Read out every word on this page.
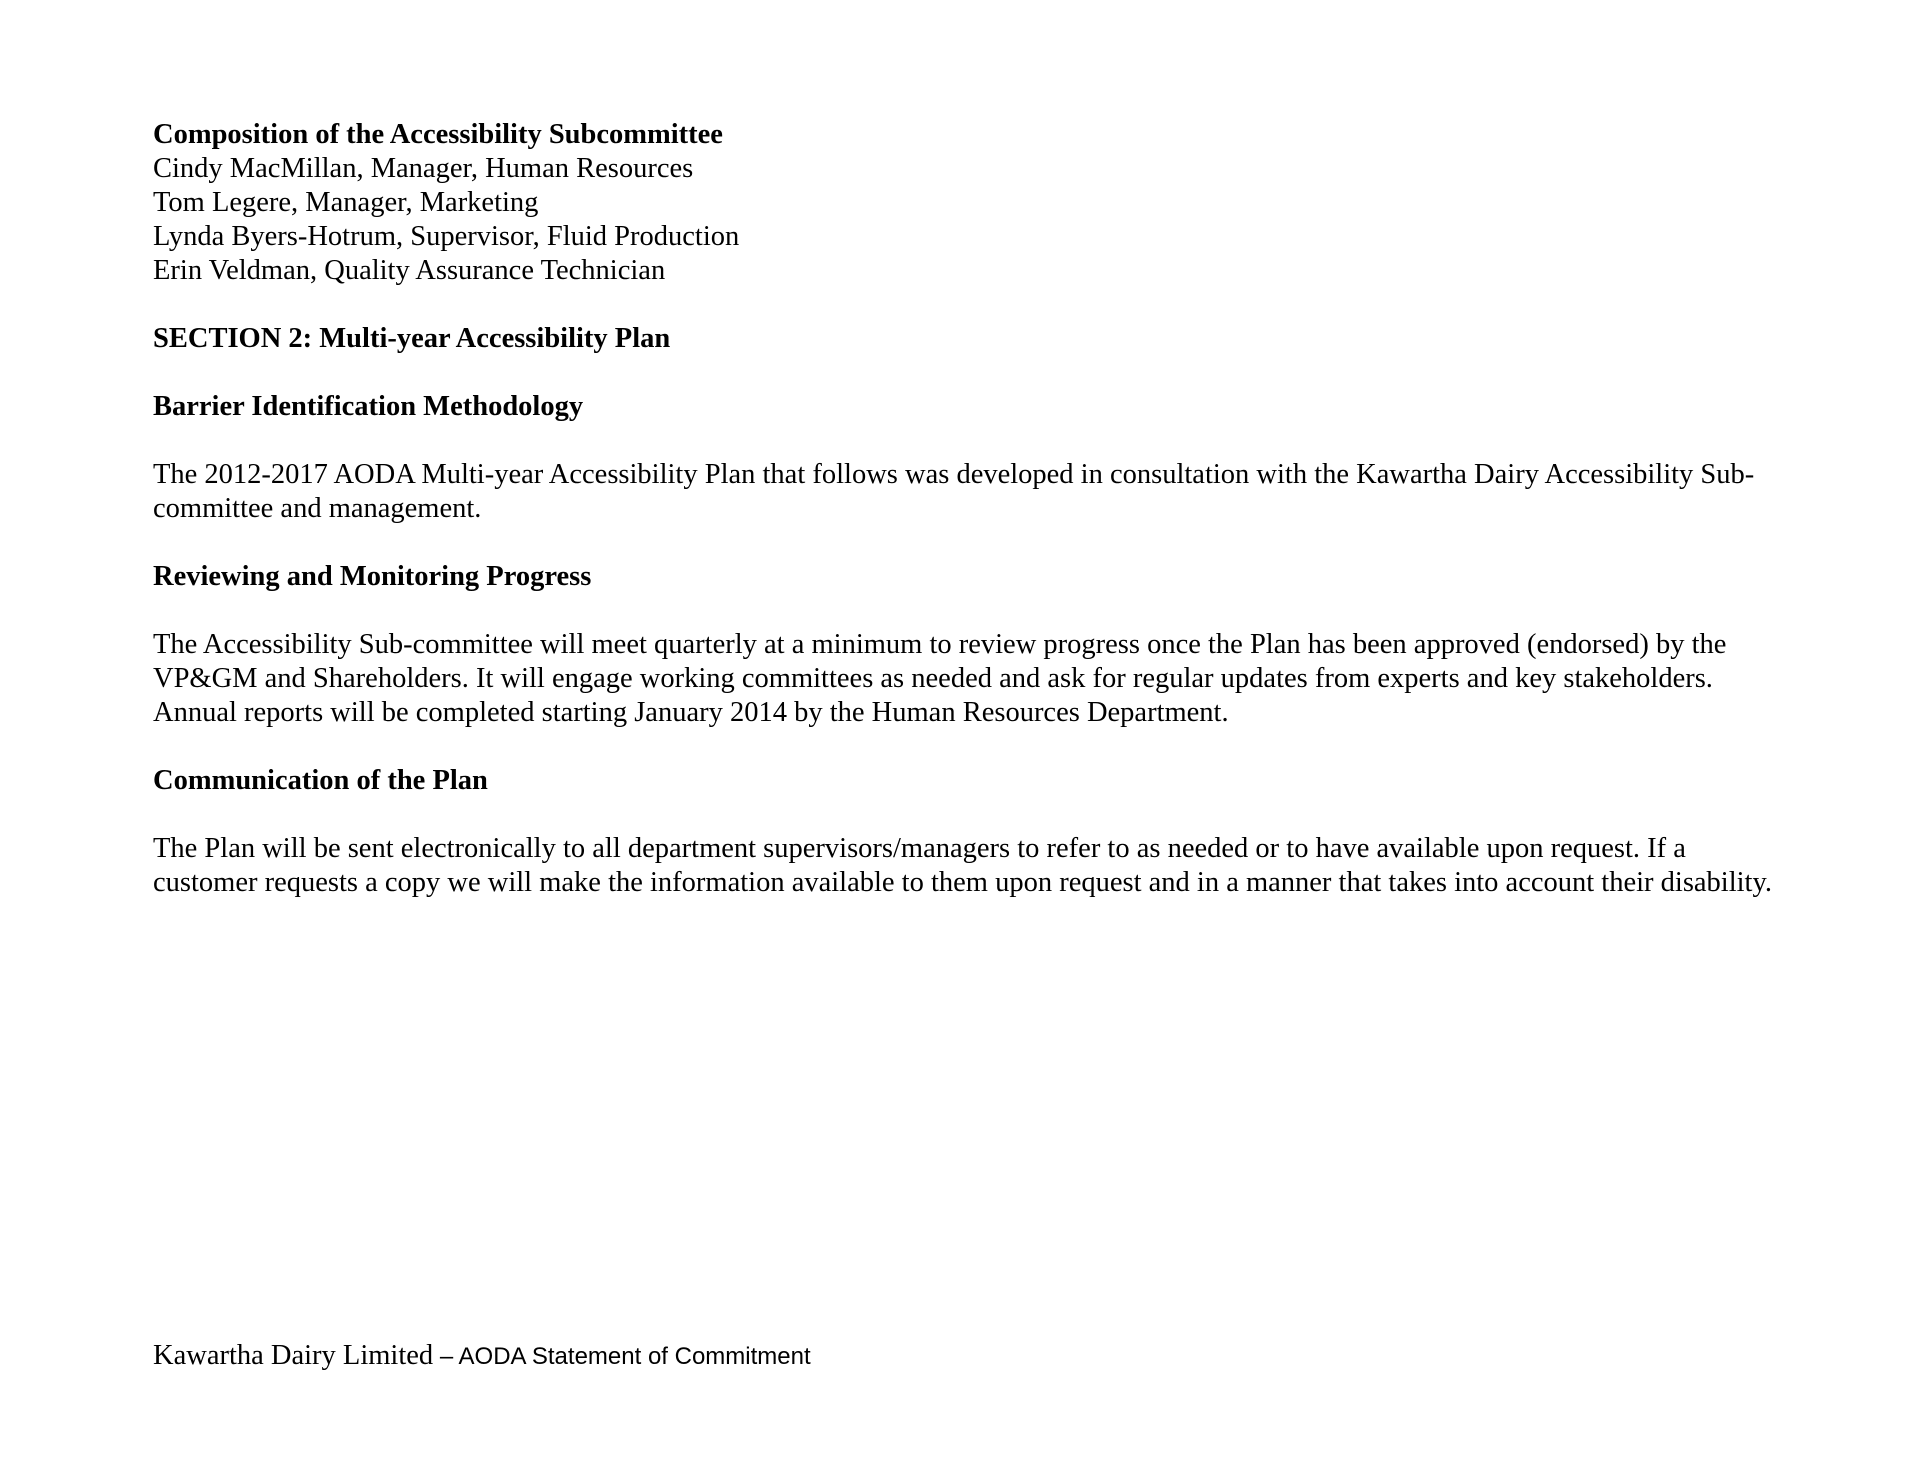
Composition of the Accessibility Subcommittee

Cindy MacMillan, Manager, Human Resources

Tom Legere, Manager, Marketing

Lynda Byers-Hotrum, Supervisor, Fluid Production

Erin Veldman, Quality Assurance Technician

SECTION 2: Multi-year Accessibility Plan

Barrier Identification Methodology

The 2012-2017 AODA Multi-year Accessibility Plan that follows was developed in consultation with the Kawartha Dairy Accessibility Sub-
committee and management.

Reviewing and Monitoring Progress

The Accessibility Sub-committee will meet quarterly at a minimum to review progress once the Plan has been approved (endorsed) by the
VP&GM and Shareholders. It will engage working committees as needed and ask for regular updates from experts and key stakeholders.
Annual reports will be completed starting January 2014 by the Human Resources Department.

Communication of the Plan

The Plan will be sent electronically to all department supervisors/managers to refer to as needed or to have available upon request. If a
customer requests a copy we will make the information available to them upon request and in a manner that takes into account their disability.
Kawartha Dairy Limited – AODA Statement of Commitment
